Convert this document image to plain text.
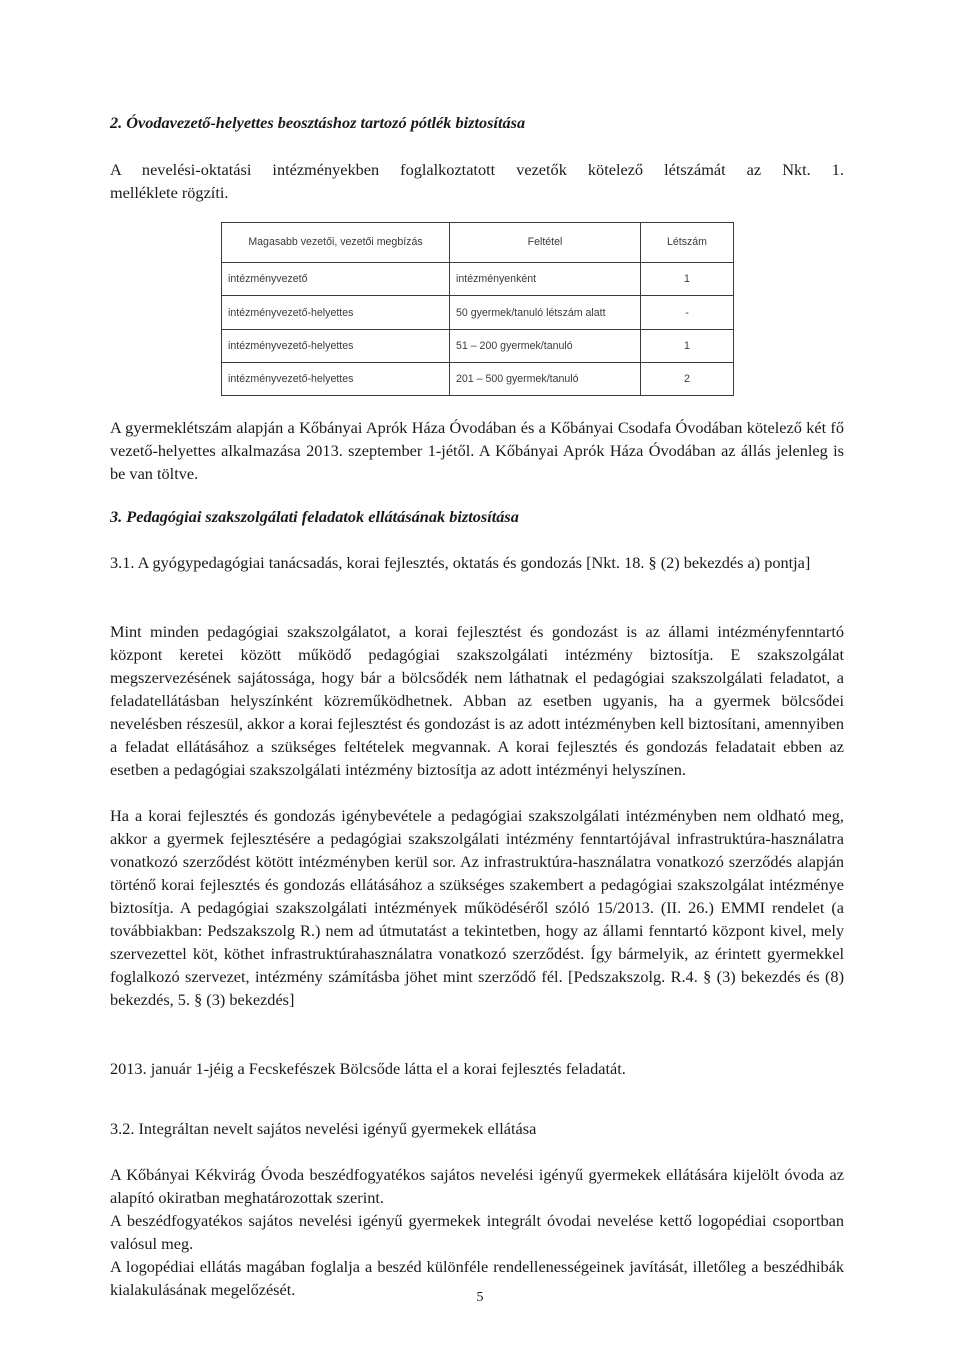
2. Óvodavezető-helyettes beosztáshoz tartozó pótlék biztosítása
A nevelési-oktatási intézményekben foglalkoztatott vezetők kötelező létszámát az Nkt. 1.
melléklete rögzíti.
Magasabb vezetői, vezetői megbízás	Feltétel	Létszám
intézményvezető	intézményenként	1
intézményvezető-helyettes	50 gyermek/tanuló létszám alatt	-
intézményvezető-helyettes	51 – 200 gyermek/tanuló	1
intézményvezető-helyettes	201 – 500 gyermek/tanuló	2
A gyermeklétszám alapján a Kőbányai Aprók Háza Óvodában és a Kőbányai Csodafa Óvodában kötelező két fő vezető-helyettes alkalmazása 2013. szeptember 1-jétől. A Kőbányai Aprók Háza Óvodában az állás jelenleg is be van töltve.
3. Pedagógiai szakszolgálati feladatok ellátásának biztosítása
3.1. A gyógypedagógiai tanácsadás, korai fejlesztés, oktatás és gondozás [Nkt. 18. § (2) bekezdés a) pontja]
Mint minden pedagógiai szakszolgálatot, a korai fejlesztést és gondozást is az állami intézményfenntartó központ keretei között működő pedagógiai szakszolgálati intézmény biztosítja. E szakszolgálat megszervezésének sajátossága, hogy bár a bölcsődék nem láthatnak el pedagógiai szakszolgálati feladatot, a feladatellátásban helyszínként közreműködhetnek. Abban az esetben ugyanis, ha a gyermek bölcsődei nevelésben részesül, akkor a korai fejlesztést és gondozást is az adott intézményben kell biztosítani, amennyiben a feladat ellátásához a szükséges feltételek megvannak. A korai fejlesztés és gondozás feladatait ebben az esetben a pedagógiai szakszolgálati intézmény biztosítja az adott intézményi helyszínen.
Ha a korai fejlesztés és gondozás igénybevétele a pedagógiai szakszolgálati intézményben nem oldható meg, akkor a gyermek fejlesztésére a pedagógiai szakszolgálati intézmény fenntartójával infrastruktúra-használatra vonatkozó szerződést kötött intézményben kerül sor. Az infrastruktúra-használatra vonatkozó szerződés alapján történő korai fejlesztés és gondozás ellátásához a szükséges szakembert a pedagógiai szakszolgálat intézménye biztosítja. A pedagógiai szakszolgálati intézmények működéséről szóló 15/2013. (II. 26.) EMMI rendelet (a továbbiakban: Pedszakszolg R.) nem ad útmutatást a tekintetben, hogy az állami fenntartó központ kivel, mely szervezettel köt, köthet infrastruktúrahasználatra vonatkozó szerződést. Így bármelyik, az érintett gyermekkel foglalkozó szervezet, intézmény számításba jöhet mint szerződő fél. [Pedszakszolg. R.4. § (3) bekezdés és (8) bekezdés, 5. § (3) bekezdés]
2013. január 1-jéig a Fecskefészek Bölcsőde látta el a korai fejlesztés feladatát.
3.2. Integráltan nevelt sajátos nevelési igényű gyermekek ellátása
A Kőbányai Kékvirág Óvoda beszédfogyatékos sajátos nevelési igényű gyermekek ellátására kijelölt óvoda az alapító okiratban meghatározottak szerint.
A beszédfogyatékos sajátos nevelési igényű gyermekek integrált óvodai nevelése kettő logopédiai csoportban valósul meg.
A logopédiai ellátás magában foglalja a beszéd különféle rendellenességeinek javítását, illetőleg a beszédhibák kialakulásának megelőzését.	5
